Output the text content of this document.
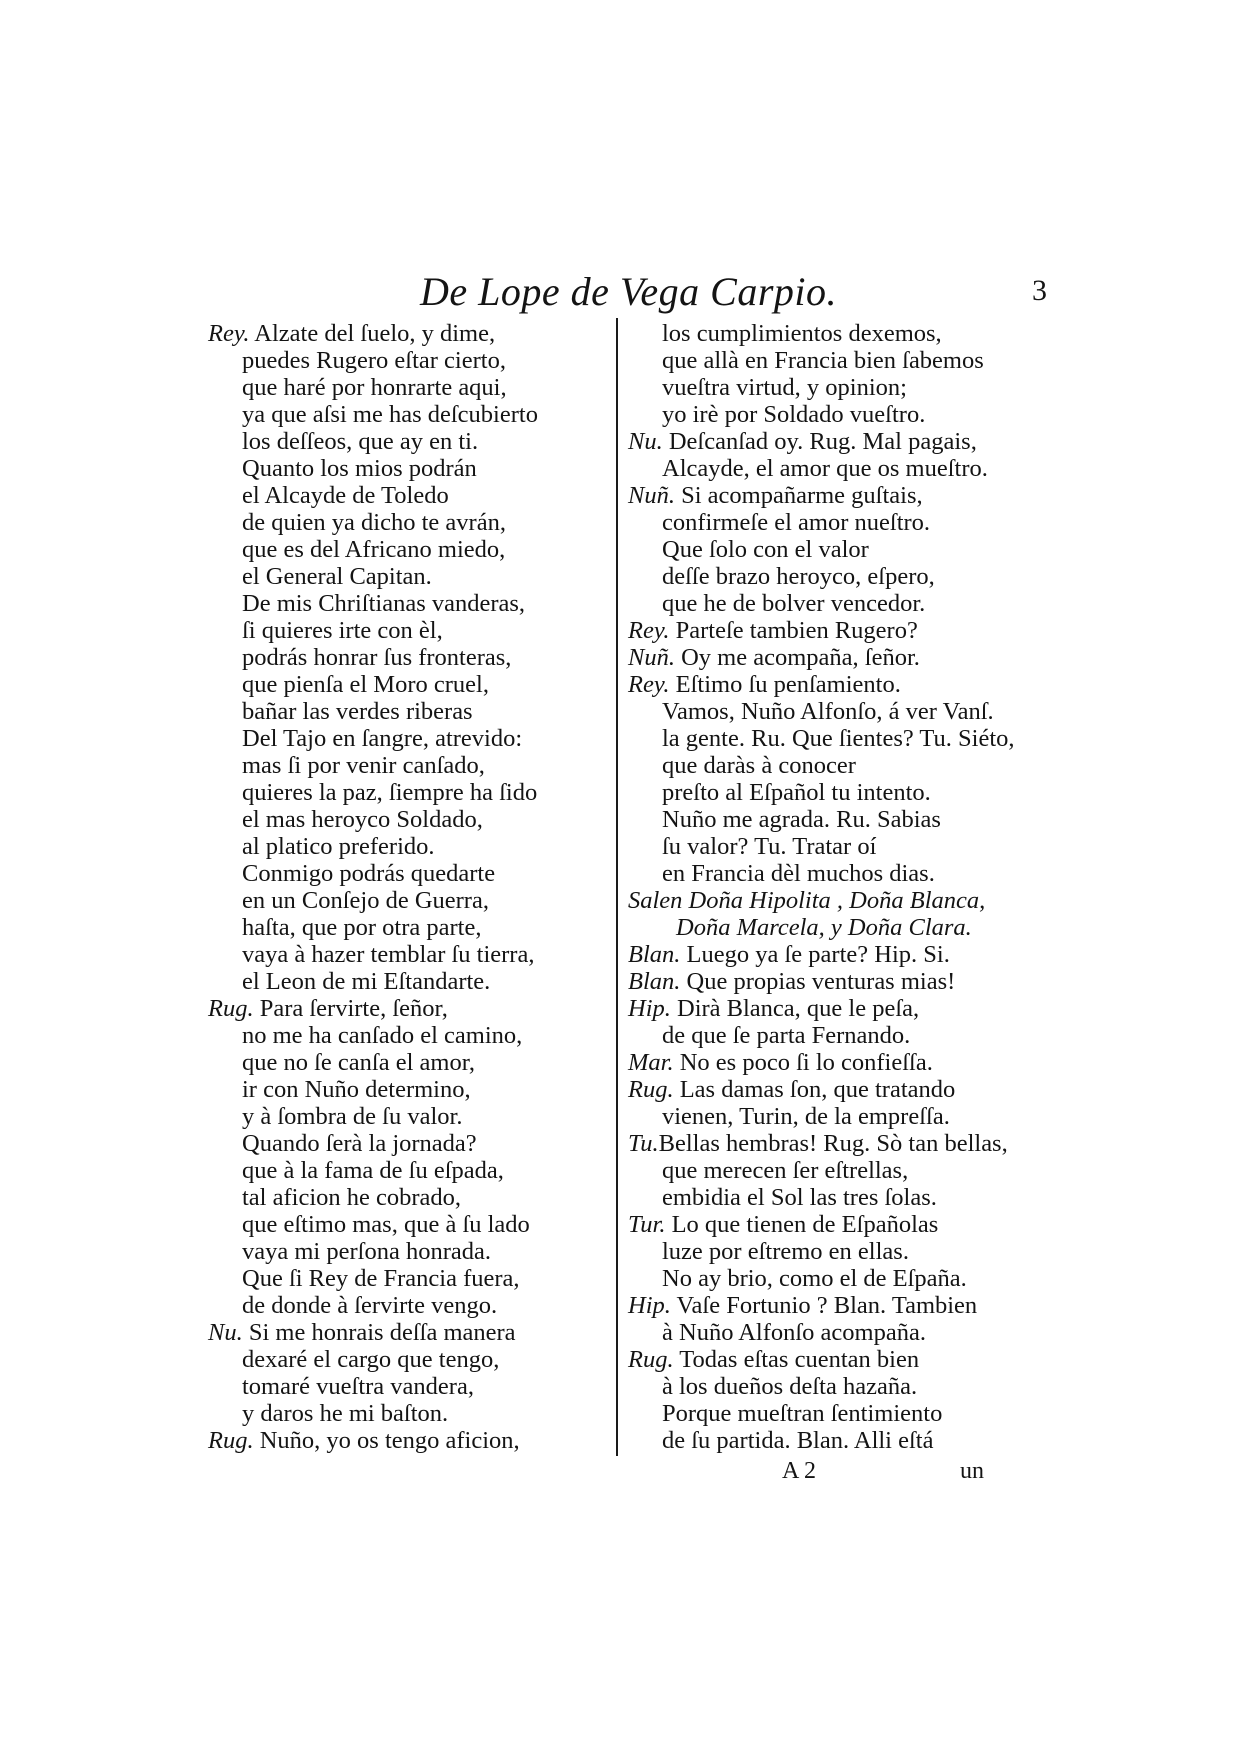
De Lope de Vega Carpio.	3
Rey. Alzate del ſuelo, y dime,
puedes Rugero eſtar cierto,
que haré por honrarte aqui,
ya que aſsi me has deſcubierto
los deſſeos, que ay en ti.
Quanto los mios podrán
el Alcayde de Toledo
de quien ya dicho te avrán,
que es del Africano miedo,
el General Capitan.
De mis Chriſtianas vanderas,
ſi quieres irte con èl,
podrás honrar ſus fronteras,
que pienſa el Moro cruel,
bañar las verdes riberas
Del Tajo en ſangre, atrevido:
mas ſi por venir canſado,
quieres la paz, ſiempre ha ſido
el mas heroyco Soldado,
al platico preferido.
Conmigo podrás quedarte
en un Conſejo de Guerra,
haſta, que por otra parte,
vaya à hazer temblar ſu tierra,
el Leon de mi Eſtandarte.
Rug. Para ſervirte, ſeñor,
no me ha canſado el camino,
que no ſe canſa el amor,
ir con Nuño determino,
y à ſombra de ſu valor.
Quando ſerà la jornada?
que à la fama de ſu eſpada,
tal aficion he cobrado,
que eſtimo mas, que à ſu lado
vaya mi perſona honrada.
Que ſi Rey de Francia fuera,
de donde à ſervirte vengo.
Nu. Si me honrais deſſa manera
dexaré el cargo que tengo,
tomaré vueſtra vandera,
y daros he mi baſton.
Rug. Nuño, yo os tengo aficion,
los cumplimientos dexemos,
que allà en Francia bien ſabemos
vueſtra virtud, y opinion;
yo irè por Soldado vueſtro.
Nu. Deſcanſad oy. Rug. Mal pagais,
Alcayde, el amor que os mueſtro.
Nuñ. Si acompañarme guſtais,
confirmeſe el amor nueſtro.
Que ſolo con el valor
deſſe brazo heroyco, eſpero,
que he de bolver vencedor.
Rey. Parteſe tambien Rugero?
Nuñ. Oy me acompaña, ſeñor.
Rey. Eſtimo ſu penſamiento.
Vamos, Nuño Alfonſo, á ver Vanſ.
la gente. Ru. Que ſientes? Tu. Siéto,
que daràs à conocer
preſto al Eſpañol tu intento.
Nuño me agrada. Ru. Sabias
ſu valor? Tu. Tratar oí
en Francia dèl muchos dias.
Salen Doña Hipolita , Doña Blanca,
Doña Marcela, y Doña Clara.
Blan. Luego ya ſe parte? Hip. Si.
Blan. Que propias venturas mias!
Hip. Dirà Blanca, que le peſa,
de que ſe parta Fernando.
Mar. No es poco ſi lo confieſſa.
Rug. Las damas ſon, que tratando
vienen, Turin, de la empreſſa.
Tu.Bellas hembras! Rug. Sò tan bellas,
que merecen ſer eſtrellas,
embidia el Sol las tres ſolas.
Tur. Lo que tienen de Eſpañolas
luze por eſtremo en ellas.
No ay brio, como el de Eſpaña.
Hip. Vaſe Fortunio ? Blan. Tambien
à Nuño Alfonſo acompaña.
Rug. Todas eſtas cuentan bien
à los dueños deſta hazaña.
Porque mueſtran ſentimiento
de ſu partida. Blan. Alli eſtá
A 2	un
